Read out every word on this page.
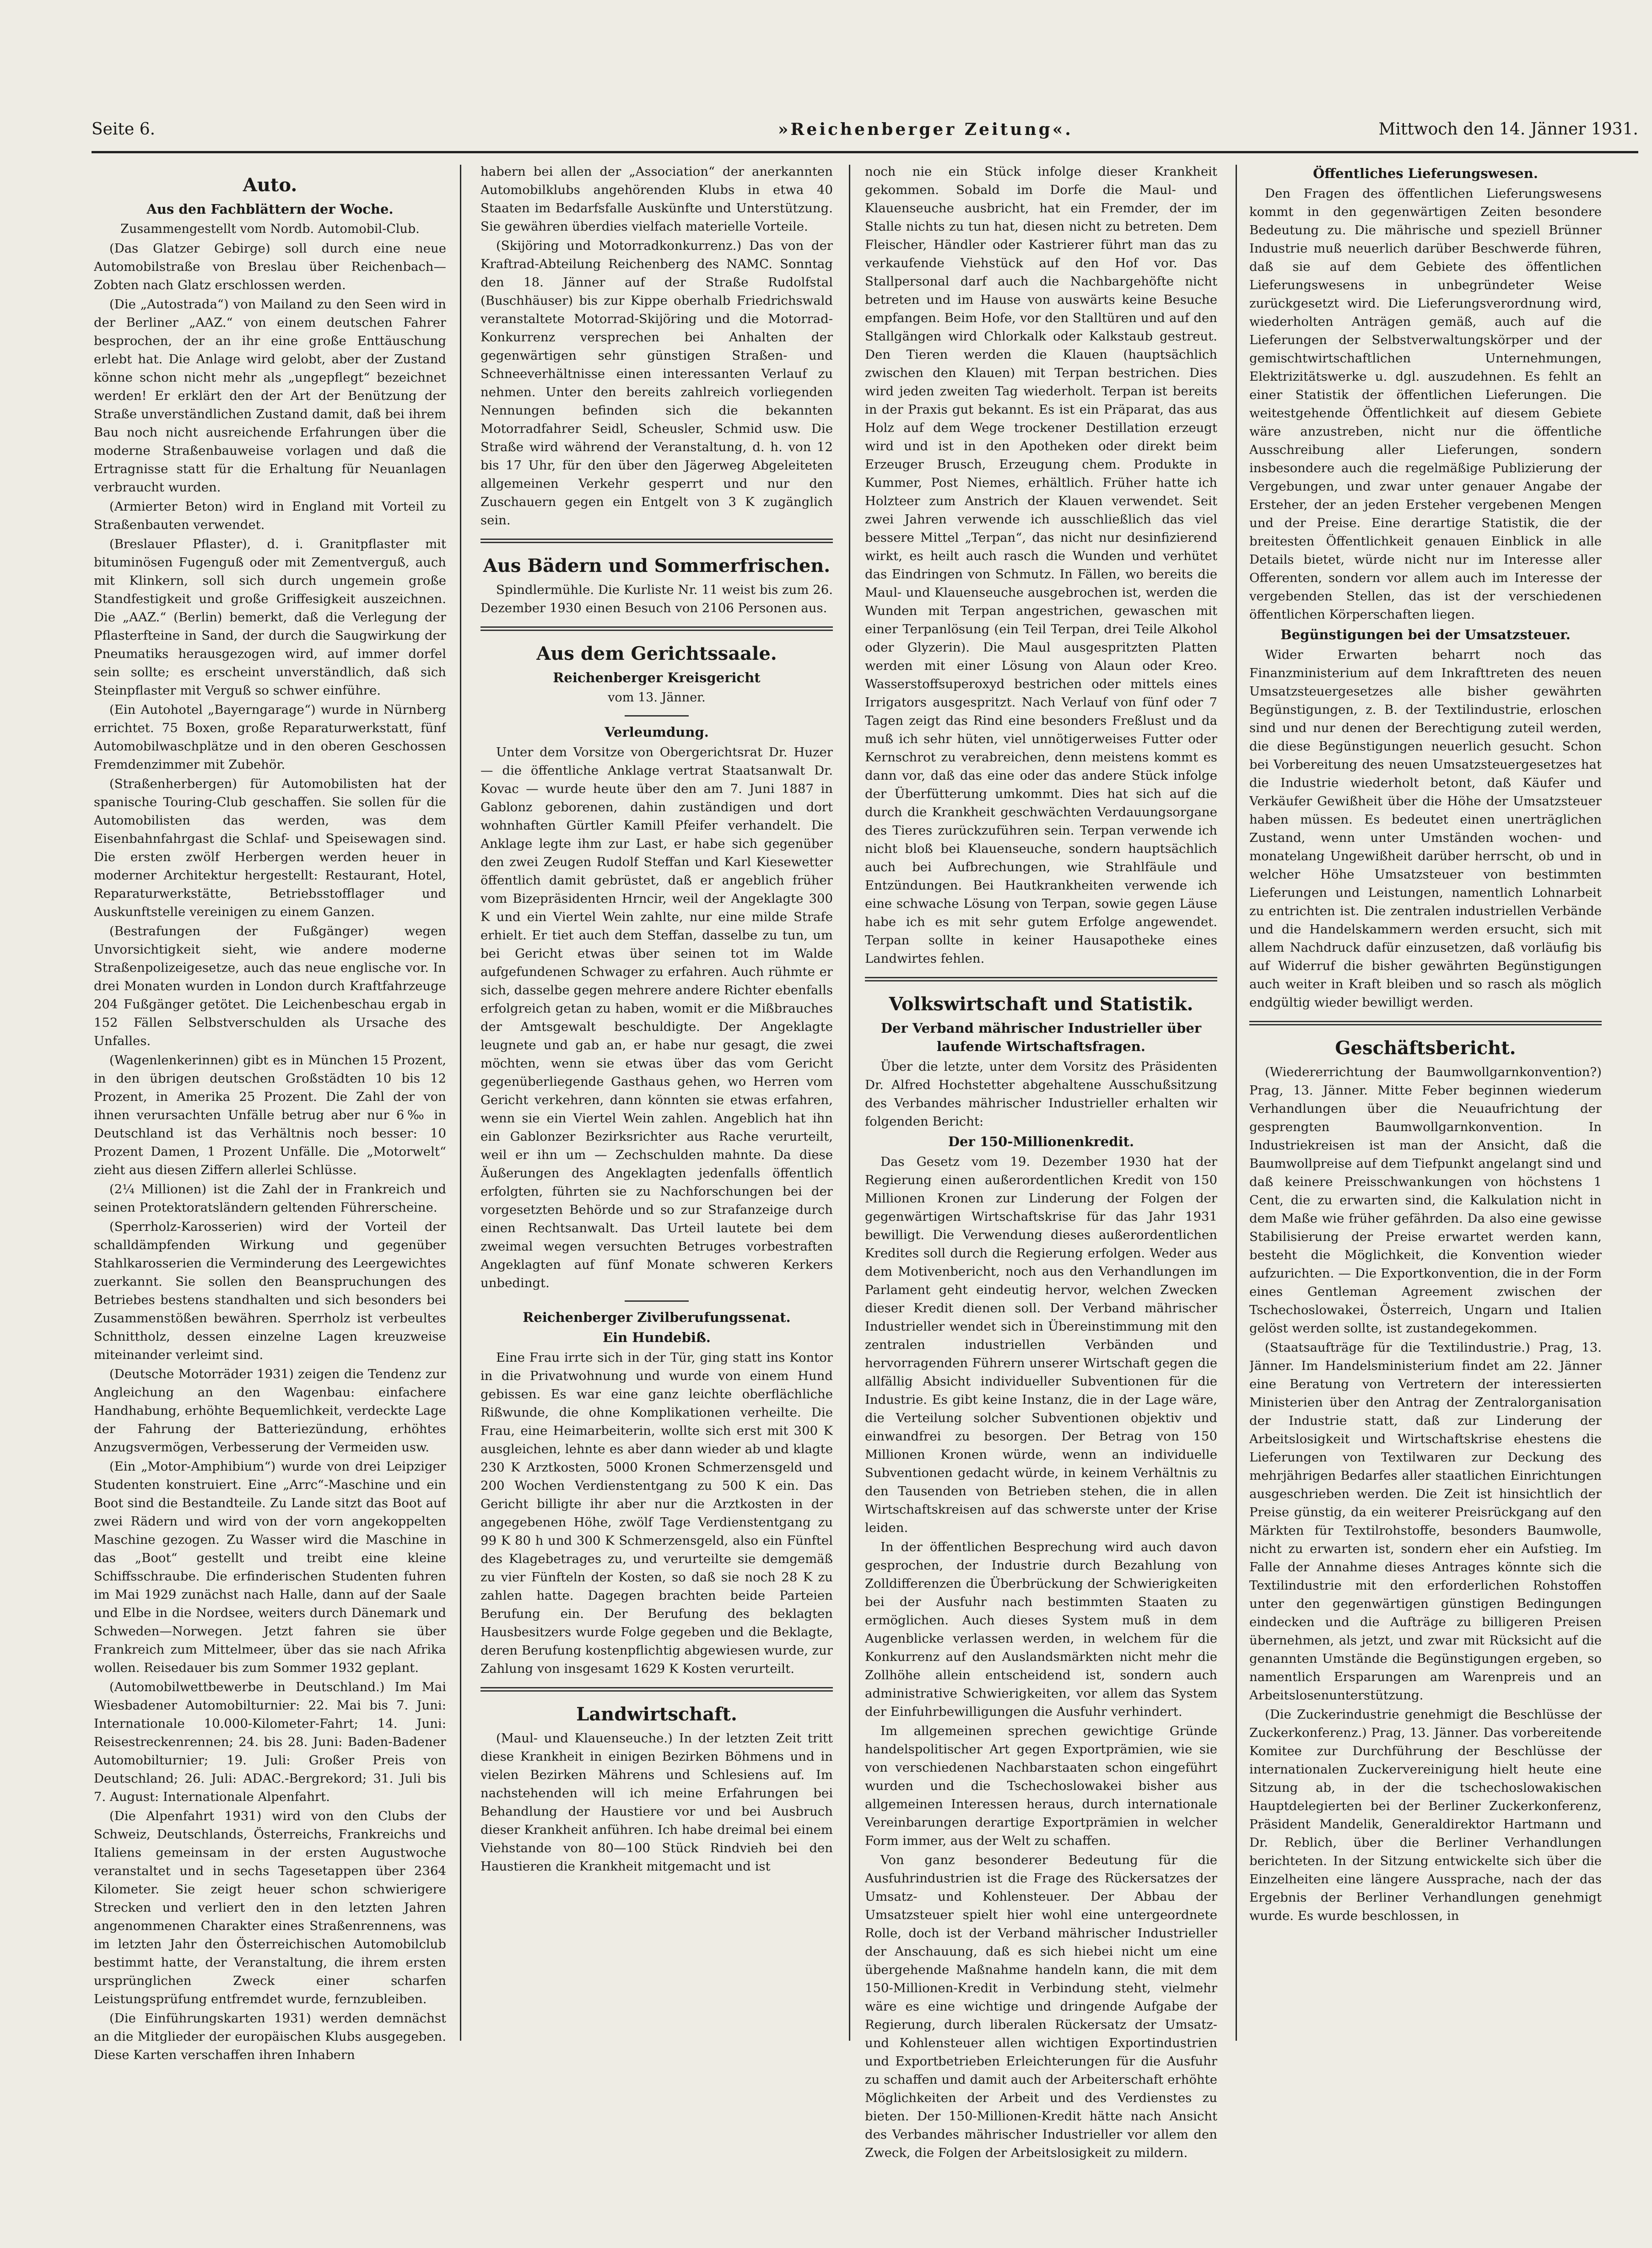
Seite 6.	»Reichenberger Zeitung«.	Mittwoch den 14. Jänner 1931.
Auto.
Aus den Fachblättern der Woche.
Zusammengestellt vom Nordb. Automobil-Club.

(Das Glatzer Gebirge) soll durch eine neue Automobilstraße von Breslau über Reichenbach—Zobten nach Glatz erschlossen werden.

(Die „Autostrada“) von Mailand zu den Seen wird in der Berliner „AAZ.“ von einem deutschen Fahrer besprochen, der an ihr eine große Enttäuschung erlebt hat. Die Anlage wird gelobt, aber der Zustand könne schon nicht mehr als „ungepflegt“ bezeichnet werden! Er erklärt den der Art der Benützung der Straße unverständlichen Zustand damit, daß bei ihrem Bau noch nicht ausreichende Erfahrungen über die moderne Straßenbauweise vorlagen und daß die Ertragnisse statt für die Erhaltung für Neuanlagen verbraucht wurden.

(Armierter Beton) wird in England mit Vorteil zu Straßenbauten verwendet.

(Breslauer Pflaster), d. i. Granitpflaster mit bituminösen Fugenguß oder mit Zementverguß, auch mit Klinkern, soll sich durch ungemein große Standfestigkeit und große Griffesigkeit auszeichnen. Die „AAZ.“ (Berlin) bemerkt, daß die Verlegung der Pflasterfteine in Sand, der durch die Saugwirkung der Pneumatiks herausgezogen wird, auf immer dorfel sein sollte; es erscheint unverständlich, daß sich Steinpflaster mit Verguß so schwer einführe.

(Ein Autohotel „Bayerngarage“) wurde in Nürnberg errichtet. 75 Boxen, große Reparaturwerkstatt, fünf Automobilwaschplätze und in den oberen Geschossen Fremdenzimmer mit Zubehör.

(Straßenherbergen) für Automobilisten hat der spanische Touring-Club geschaffen. Sie sollen für die Automobilisten das werden, was dem Eisenbahnfahrgast die Schlaf- und Speisewagen sind. Die ersten zwölf Herbergen werden heuer in moderner Architektur hergestellt: Restaurant, Hotel, Reparaturwerkstätte, Betriebsstofflager und Auskunftstelle vereinigen zu einem Ganzen.

(Bestrafungen der Fußgänger) wegen Unvorsichtigkeit sieht, wie andere moderne Straßenpolizeigesetze, auch das neue englische vor. In drei Monaten wurden in London durch Kraftfahrzeuge 204 Fußgänger getötet. Die Leichenbeschau ergab in 152 Fällen Selbstverschulden als Ursache des Unfalles.

(Wagenlenkerinnen) gibt es in München 15 Prozent, in den übrigen deutschen Großstädten 10 bis 12 Prozent, in Amerika 25 Prozent. Die Zahl der von ihnen verursachten Unfälle betrug aber nur 6‰ in Deutschland ist das Verhältnis noch besser: 10 Prozent Damen, 1 Prozent Unfälle. Die „Motorwelt“ zieht aus diesen Ziffern allerlei Schlüsse.

(2¼ Millionen) ist die Zahl der in Frankreich und seinen Protektoratsländern geltenden Führerscheine.

(Sperrholz-Karosserien) wird der Vorteil der schalldämpfenden Wirkung und gegenüber Stahlkarosserien die Verminderung des Leergewichtes zuerkannt. Sie sollen den Beanspruchungen des Betriebes bestens standhalten und sich besonders bei Zusammenstößen bewähren. Sperrholz ist verbeultes Schnittholz, dessen einzelne Lagen kreuzweise miteinander verleimt sind.

(Deutsche Motorräder 1931) zeigen die Tendenz zur Angleichung an den Wagenbau: einfachere Handhabung, erhöhte Bequemlichkeit, verdeckte Lage der Fahrung der Batteriezündung, erhöhtes Anzugsvermögen, Verbesserung der Vermeiden usw.

(Ein „Motor-Amphibium“) wurde von drei Leipziger Studenten konstruiert. Eine „Arrc“-Maschine und ein Boot sind die Bestandteile. Zu Lande sitzt das Boot auf zwei Rädern und wird von der vorn angekoppelten Maschine gezogen. Zu Wasser wird die Maschine in das „Boot“ gestellt und treibt eine kleine Schiffsschraube. Die erfinderischen Studenten fuhren im Mai 1929 zunächst nach Halle, dann auf der Saale und Elbe in die Nordsee, weiters durch Dänemark und Schweden—Norwegen. Jetzt fahren sie über Frankreich zum Mittelmeer, über das sie nach Afrika wollen. Reisedauer bis zum Sommer 1932 geplant.

(Automobilwettbewerbe in Deutschland.) Im Mai Wiesbadener Automobilturnier: 22. Mai bis 7. Juni: Internationale 10.000-Kilometer-Fahrt; 14. Juni: Reisestreckenrennen; 24. bis 28. Juni: Baden-Badener Automobilturnier; 19. Juli: Großer Preis von Deutschland; 26. Juli: ADAC.-Bergrekord; 31. Juli bis 7. August: Internationale Alpenfahrt.

(Die Alpenfahrt 1931) wird von den Clubs der Schweiz, Deutschlands, Österreichs, Frankreichs und Italiens gemeinsam in der ersten Augustwoche veranstaltet und in sechs Tagesetappen über 2364 Kilometer. Sie zeigt heuer schon schwierigere Strecken und verliert den in den letzten Jahren angenommenen Charakter eines Straßenrennens, was im letzten Jahr den Österreichischen Automobilclub bestimmt hatte, der Veranstaltung, die ihrem ersten ursprünglichen Zweck einer scharfen Leistungsprüfung entfremdet wurde, fernzubleiben.

(Die Einführungskarten 1931) werden demnächst an die Mitglieder der europäischen Klubs ausgegeben. Diese Karten verschaffen ihren Inhabern

habern bei allen der „Association“ der anerkannten Automobilklubs angehörenden Klubs in etwa 40 Staaten im Bedarfsfalle Auskünfte und Unterstützung. Sie gewähren überdies vielfach materielle Vorteile.

(Skijöring und Motorradkonkurrenz.) Das von der Kraftrad-Abteilung Reichenberg des NAMC. Sonntag den 18. Jänner auf der Straße Rudolfstal (Buschhäuser) bis zur Kippe oberhalb Friedrichswald veranstaltete Motorrad-Skijöring und die Motorrad-Konkurrenz versprechen bei Anhalten der gegenwärtigen sehr günstigen Straßen- und Schneeverhältnisse einen interessanten Verlauf zu nehmen. Unter den bereits zahlreich vorliegenden Nennungen befinden sich die bekannten Motorradfahrer Seidl, Scheusler, Schmid usw. Die Straße wird während der Veranstaltung, d. h. von 12 bis 17 Uhr, für den über den Jägerweg Abgeleiteten allgemeinen Verkehr gesperrt und nur den Zuschauern gegen ein Entgelt von 3 K zugänglich sein.

Aus Bädern und Sommerfrischen.

Spindlermühle. Die Kurliste Nr. 11 weist bis zum 26. Dezember 1930 einen Besuch von 2106 Personen aus.

Aus dem Gerichtssaale.
Reichenberger Kreisgericht
vom 13. Jänner.
Verleumdung.

Unter dem Vorsitze von Obergerichtsrat Dr. Huzer — die öffentliche Anklage vertrat Staatsanwalt Dr. Kovac — wurde heute über den am 7. Juni 1887 in Gablonz geborenen, dahin zuständigen und dort wohnhaften Gürtler Kamill Pfeifer verhandelt. Die Anklage legte ihm zur Last, er habe sich gegenüber den zwei Zeugen Rudolf Steffan und Karl Kiesewetter öffentlich damit gebrüstet, daß er angeblich früher vom Bizepräsidenten Hrncir, weil der Angeklagte 300 K und ein Viertel Wein zahlte, nur eine milde Strafe erhielt. Er tiet auch dem Steffan, dasselbe zu tun, um bei Gericht etwas über seinen tot im Walde aufgefundenen Schwager zu erfahren. Auch rühmte er sich, dasselbe gegen mehrere andere Richter ebenfalls erfolgreich getan zu haben, womit er die Mißbrauches der Amtsgewalt beschuldigte. Der Angeklagte leugnete und gab an, er habe nur gesagt, die zwei möchten, wenn sie etwas über das vom Gericht gegenüberliegende Gasthaus gehen, wo Herren vom Gericht verkehren, dann könnten sie etwas erfahren, wenn sie ein Viertel Wein zahlen. Angeblich hat ihn ein Gablonzer Bezirksrichter aus Rache verurteilt, weil er ihn um — Zechschulden mahnte. Da diese Äußerungen des Angeklagten jedenfalls öffentlich erfolgten, führten sie zu Nachforschungen bei der vorgesetzten Behörde und so zur Strafanzeige durch einen Rechtsanwalt. Das Urteil lautete bei dem zweimal wegen versuchten Betruges vorbestraften Angeklagten auf fünf Monate schweren Kerkers unbedingt.

Reichenberger Zivilberufungssenat.
Ein Hundebiß.

Eine Frau irrte sich in der Tür, ging statt ins Kontor in die Privatwohnung und wurde von einem Hund gebissen. Es war eine ganz leichte oberflächliche Rißwunde, die ohne Komplikationen verheilte. Die Frau, eine Heimarbeiterin, wollte sich erst mit 300 K ausgleichen, lehnte es aber dann wieder ab und klagte 230 K Arztkosten, 5000 Kronen Schmerzensgeld und 200 Wochen Verdienstentgang zu 500 K ein. Das Gericht billigte ihr aber nur die Arztkosten in der angegebenen Höhe, zwölf Tage Verdienstentgang zu 99 K 80 h und 300 K Schmerzensgeld, also ein Fünftel des Klagebetrages zu, und verurteilte sie demgemäß zu vier Fünfteln der Kosten, so daß sie noch 28 K zu zahlen hatte. Dagegen brachten beide Parteien Berufung ein. Der Berufung des beklagten Hausbesitzers wurde Folge gegeben und die Beklagte, deren Berufung kostenpflichtig abgewiesen wurde, zur Zahlung von insgesamt 1629 K Kosten verurteilt.

Landwirtschaft.

(Maul- und Klauenseuche.) In der letzten Zeit tritt diese Krankheit in einigen Bezirken Böhmens und in vielen Bezirken Mährens und Schlesiens auf. Im nachstehenden will ich meine Erfahrungen bei Behandlung der Haustiere vor und bei Ausbruch dieser Krankheit anführen. Ich habe dreimal bei einem Viehstande von 80—100 Stück Rindvieh bei den Haustieren die Krankheit mitgemacht und ist

noch nie ein Stück infolge dieser Krankheit gekommen. Sobald im Dorfe die Maul- und Klauenseuche ausbricht, hat ein Fremder, der im Stalle nichts zu tun hat, diesen nicht zu betreten. Dem Fleischer, Händler oder Kastrierer führt man das zu verkaufende Viehstück auf den Hof vor. Das Stallpersonal darf auch die Nachbargehöfte nicht betreten und im Hause von auswärts keine Besuche empfangen. Beim Hofe, vor den Stalltüren und auf den Stallgängen wird Chlorkalk oder Kalkstaub gestreut. Den Tieren werden die Klauen (hauptsächlich zwischen den Klauen) mit Terpan bestrichen. Dies wird jeden zweiten Tag wiederholt. Terpan ist bereits in der Praxis gut bekannt. Es ist ein Präparat, das aus Holz auf dem Wege trockener Destillation erzeugt wird und ist in den Apotheken oder direkt beim Erzeuger Brusch, Erzeugung chem. Produkte in Kummer, Post Niemes, erhältlich. Früher hatte ich Holzteer zum Anstrich der Klauen verwendet. Seit zwei Jahren verwende ich ausschließlich das viel bessere Mittel „Terpan“, das nicht nur desinfizierend wirkt, es heilt auch rasch die Wunden und verhütet das Eindringen von Schmutz. In Fällen, wo bereits die Maul- und Klauenseuche ausgebrochen ist, werden die Wunden mit Terpan angestrichen, gewaschen mit einer Terpanlösung (ein Teil Terpan, drei Teile Alkohol oder Glyzerin). Die Maul ausgespritzten Platten werden mit einer Lösung von Alaun oder Kreo. Wasserstoffsuperoxyd bestrichen oder mittels eines Irrigators ausgespritzt. Nach Verlauf von fünf oder 7 Tagen zeigt das Rind eine besonders Freßlust und da muß ich sehr hüten, viel unnötigerweises Futter oder Kernschrot zu verabreichen, denn meistens kommt es dann vor, daß das eine oder das andere Stück infolge der Überfütterung umkommt. Dies hat sich auf die durch die Krankheit geschwächten Verdauungsorgane des Tieres zurückzuführen sein. Terpan verwende ich nicht bloß bei Klauenseuche, sondern hauptsächlich auch bei Aufbrechungen, wie Strahlfäule und Entzündungen. Bei Hautkrankheiten verwende ich eine schwache Lösung von Terpan, sowie gegen Läuse habe ich es mit sehr gutem Erfolge angewendet. Terpan sollte in keiner Hausapotheke eines Landwirtes fehlen.

Volkswirtschaft und Statistik.
Der Verband mährischer Industrieller über laufende Wirtschaftsfragen.

Über die letzte, unter dem Vorsitz des Präsidenten Dr. Alfred Hochstetter abgehaltene Ausschußsitzung des Verbandes mährischer Industrieller erhalten wir folgenden Bericht:

Der 150-Millionenkredit.

Das Gesetz vom 19. Dezember 1930 hat der Regierung einen außerordentlichen Kredit von 150 Millionen Kronen zur Linderung der Folgen der gegenwärtigen Wirtschaftskrise für das Jahr 1931 bewilligt. Die Verwendung dieses außerordentlichen Kredites soll durch die Regierung erfolgen. Weder aus dem Motivenbericht, noch aus den Verhandlungen im Parlament geht eindeutig hervor, welchen Zwecken dieser Kredit dienen soll. Der Verband mährischer Industrieller wendet sich in Übereinstimmung mit den zentralen industriellen Verbänden und hervorragenden Führern unserer Wirtschaft gegen die allfällig Absicht individueller Subventionen für die Industrie. Es gibt keine Instanz, die in der Lage wäre, die Verteilung solcher Subventionen objektiv und einwandfrei zu besorgen. Der Betrag von 150 Millionen Kronen würde, wenn an individuelle Subventionen gedacht würde, in keinem Verhältnis zu den Tausenden von Betrieben stehen, die in allen Wirtschaftskreisen auf das schwerste unter der Krise leiden.

In der öffentlichen Besprechung wird auch davon gesprochen, der Industrie durch Bezahlung von Zolldifferenzen die Überbrückung der Schwierigkeiten bei der Ausfuhr nach bestimmten Staaten zu ermöglichen. Auch dieses System muß in dem Augenblicke verlassen werden, in welchem für die Konkurrenz auf den Auslandsmärkten nicht mehr die Zollhöhe allein entscheidend ist, sondern auch administrative Schwierigkeiten, vor allem das System der Einfuhrbewilligungen die Ausfuhr verhindert.

Im allgemeinen sprechen gewichtige Gründe handelspolitischer Art gegen Exportprämien, wie sie von verschiedenen Nachbarstaaten schon eingeführt wurden und die Tschechoslowakei bisher aus allgemeinen Interessen heraus, durch internationale Vereinbarungen derartige Exportprämien in welcher Form immer, aus der Welt zu schaffen.

Von ganz besonderer Bedeutung für die Ausfuhrindustrien ist die Frage des Rückersatzes der Umsatz- und Kohlensteuer. Der Abbau der Umsatzsteuer spielt hier wohl eine untergeordnete Rolle, doch ist der Verband mährischer Industrieller der Anschauung, daß es sich hiebei nicht um eine übergehende Maßnahme handeln kann, die mit dem 150-Millionen-Kredit in Verbindung steht, vielmehr wäre es eine wichtige und dringende Aufgabe der Regierung, durch liberalen Rückersatz der Umsatz- und Kohlensteuer allen wichtigen Exportindustrien und Exportbetrieben Erleichterungen für die Ausfuhr zu schaffen und damit auch der Arbeiterschaft erhöhte Möglichkeiten der Arbeit und des Verdienstes zu bieten. Der 150-Millionen-Kredit hätte nach Ansicht des Verbandes mährischer Industrieller vor allem den Zweck, die Folgen der Arbeitslosigkeit zu mildern.

Öffentliches Lieferungswesen.

Den Fragen des öffentlichen Lieferungswesens kommt in den gegenwärtigen Zeiten besondere Bedeutung zu. Die mährische und speziell Brünner Industrie muß neuerlich darüber Beschwerde führen, daß sie auf dem Gebiete des öffentlichen Lieferungswesens in unbegründeter Weise zurückgesetzt wird. Die Lieferungsverordnung wird, wiederholten Anträgen gemäß, auch auf die Lieferungen der Selbstverwaltungskörper und der gemischtwirtschaftlichen Unternehmungen, Elektrizitätswerke u. dgl. auszudehnen. Es fehlt an einer Statistik der öffentlichen Lieferungen. Die weitestgehende Öffentlichkeit auf diesem Gebiete wäre anzustreben, nicht nur die öffentliche Ausschreibung aller Lieferungen, sondern insbesondere auch die regelmäßige Publizierung der Vergebungen, und zwar unter genauer Angabe der Ersteher, der an jeden Ersteher vergebenen Mengen und der Preise. Eine derartige Statistik, die der breitesten Öffentlichkeit genauen Einblick in alle Details bietet, würde nicht nur im Interesse aller Offerenten, sondern vor allem auch im Interesse der vergebenden Stellen, das ist der verschiedenen öffentlichen Körperschaften liegen.

Begünstigungen bei der Umsatzsteuer.

Wider Erwarten beharrt noch das Finanzministerium auf dem Inkrafttreten des neuen Umsatzsteuergesetzes alle bisher gewährten Begünstigungen, z. B. der Textilindustrie, erloschen sind und nur denen der Berechtigung zuteil werden, die diese Begünstigungen neuerlich gesucht. Schon bei Vorbereitung des neuen Umsatzsteuergesetzes hat die Industrie wiederholt betont, daß Käufer und Verkäufer Gewißheit über die Höhe der Umsatzsteuer haben müssen. Es bedeutet einen unerträglichen Zustand, wenn unter Umständen wochen- und monatelang Ungewißheit darüber herrscht, ob und in welcher Höhe Umsatzsteuer von bestimmten Lieferungen und Leistungen, namentlich Lohnarbeit zu entrichten ist. Die zentralen industriellen Verbände und die Handelskammern werden ersucht, sich mit allem Nachdruck dafür einzusetzen, daß vorläufig bis auf Widerruf die bisher gewährten Begünstigungen auch weiter in Kraft bleiben und so rasch als möglich endgültig wieder bewilligt werden.

Geschäftsbericht.

(Wiedererrichtung der Baumwollgarnkonvention?) Prag, 13. Jänner. Mitte Feber beginnen wiederum Verhandlungen über die Neuaufrichtung der gesprengten Baumwollgarnkonvention. In Industriekreisen ist man der Ansicht, daß die Baumwollpreise auf dem Tiefpunkt angelangt sind und daß keinere Preisschwankungen von höchstens 1 Cent, die zu erwarten sind, die Kalkulation nicht in dem Maße wie früher gefährden. Da also eine gewisse Stabilisierung der Preise erwartet werden kann, besteht die Möglichkeit, die Konvention wieder aufzurichten. — Die Exportkonvention, die in der Form eines Gentleman Agreement zwischen der Tschechoslowakei, Österreich, Ungarn und Italien gelöst werden sollte, ist zustandegekommen.

(Staatsaufträge für die Textilindustrie.) Prag, 13. Jänner. Im Handelsministerium findet am 22. Jänner eine Beratung von Vertretern der interessierten Ministerien über den Antrag der Zentralorganisation der Industrie statt, daß zur Linderung der Arbeitslosigkeit und Wirtschaftskrise ehestens die Lieferungen von Textilwaren zur Deckung des mehrjährigen Bedarfes aller staatlichen Einrichtungen ausgeschrieben werden. Die Zeit ist hinsichtlich der Preise günstig, da ein weiterer Preisrückgang auf den Märkten für Textilrohstoffe, besonders Baumwolle, nicht zu erwarten ist, sondern eher ein Aufstieg. Im Falle der Annahme dieses Antrages könnte sich die Textilindustrie mit den erforderlichen Rohstoffen unter den gegenwärtigen günstigen Bedingungen eindecken und die Aufträge zu billigeren Preisen übernehmen, als jetzt, und zwar mit Rücksicht auf die genannten Umstände die Begünstigungen ergeben, so namentlich Ersparungen am Warenpreis und an Arbeitslosenunterstützung.

(Die Zuckerindustrie genehmigt die Beschlüsse der Zuckerkonferenz.) Prag, 13. Jänner. Das vorbereitende Komitee zur Durchführung der Beschlüsse der internationalen Zuckervereinigung hielt heute eine Sitzung ab, in der die tschechoslowakischen Hauptdelegierten bei der Berliner Zuckerkonferenz, Präsident Mandelik, Generaldirektor Hartmann und Dr. Reblich, über die Berliner Verhandlungen berichteten. In der Sitzung entwickelte sich über die Einzelheiten eine längere Aussprache, nach der das Ergebnis der Berliner Verhandlungen genehmigt wurde. Es wurde beschlossen, in
